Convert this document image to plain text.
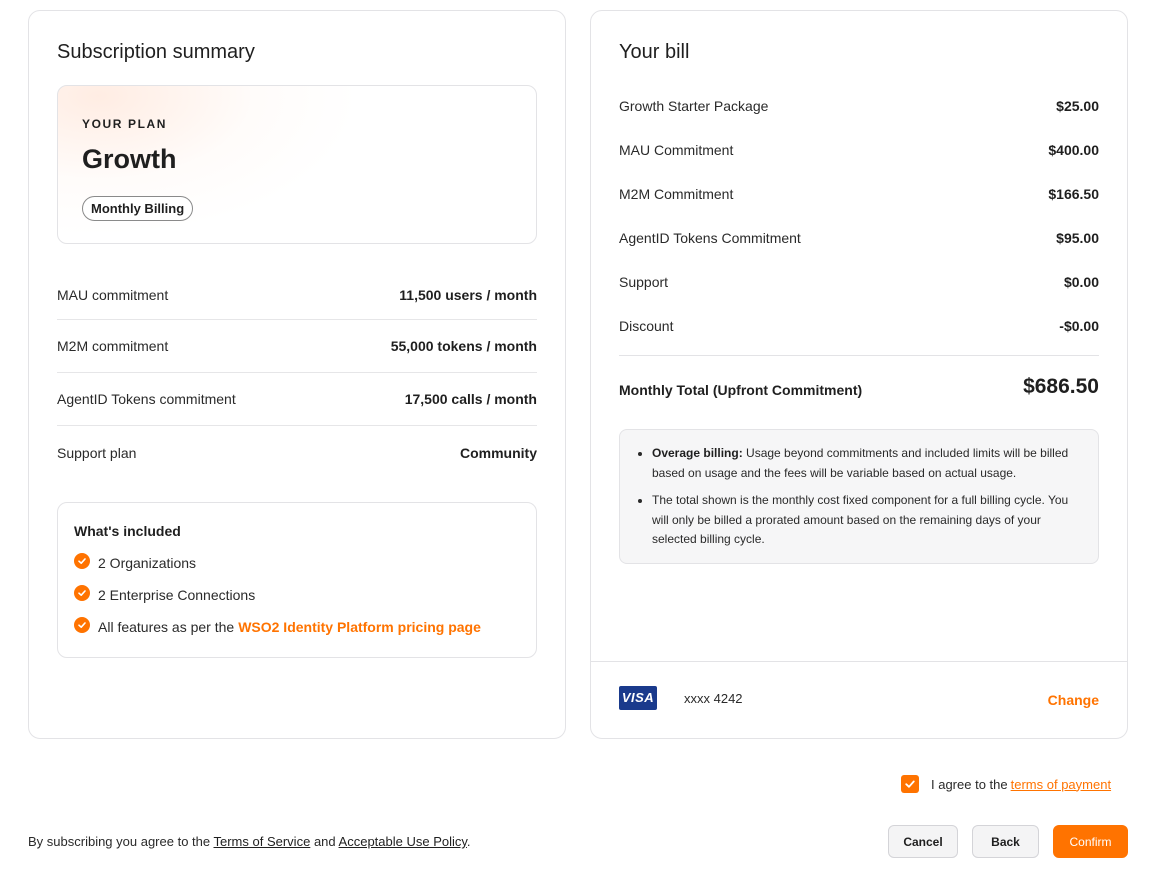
Subscription summary
YOUR PLAN
Growth
Monthly Billing
MAU commitment	11,500 users / month
M2M commitment	55,000 tokens / month
AgentID Tokens commitment	17,500 calls / month
Support plan	Community
What's included
2 Organizations
2 Enterprise Connections
All features as per the WSO2 Identity Platform pricing page
Your bill
Growth Starter Package	$25.00
MAU Commitment	$400.00
M2M Commitment	$166.50
AgentID Tokens Commitment	$95.00
Support	$0.00
Discount	-$0.00
Monthly Total (Upfront Commitment)	$686.50
• Overage billing: Usage beyond commitments and included limits will be billed based on usage and the fees will be variable based on actual usage.
• The total shown is the monthly cost fixed component for a full billing cycle. You will only be billed a prorated amount based on the remaining days of your selected billing cycle.
VISA xxxx 4242	Change
I agree to the terms of payment
By subscribing you agree to the Terms of Service and Acceptable Use Policy.	Cancel	Back	Confirm
